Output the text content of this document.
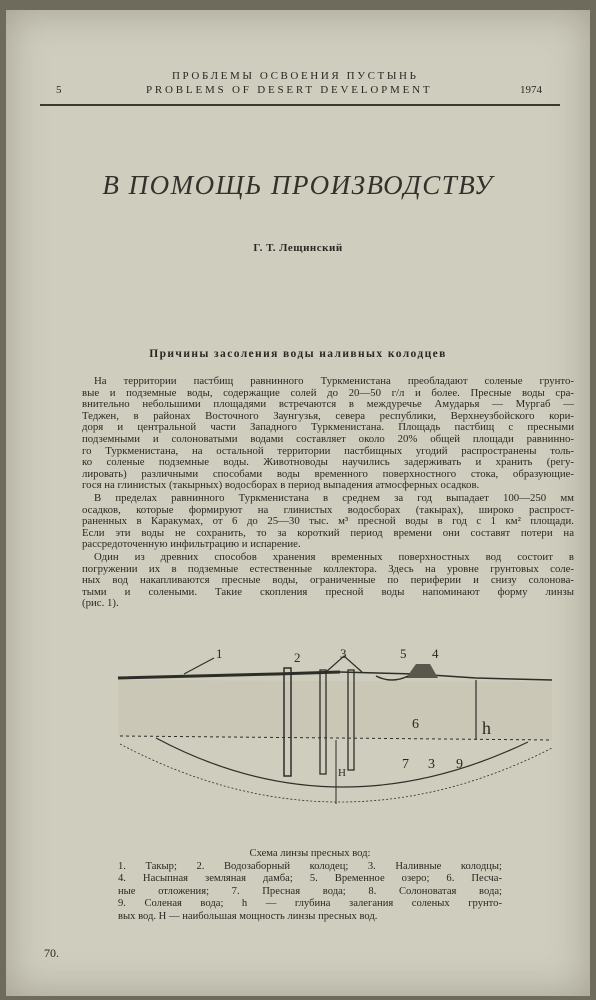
5
ПРОБЛЕМЫ ОСВОЕНИЯ ПУСТЫНЬ
PROBLEMS OF DESERT DEVELOPMENT	1974
В ПОМОЩЬ ПРОИЗВОДСТВУ
Г. Т. Лещинский
Причины засоления воды наливных колодцев
На территории пастбищ равнинного Туркменистана преобладают соленые грунто-
вые и подземные воды, содержащие солей до 20—50 г/л и более. Пресные воды сра-
внительно небольшими площадями встречаются в междуречье Амударья — Мургаб —
Теджен, в районах Восточного Заунгузья, севера республики, Верхнеузбойского кори-
доря и центральной части Западного Туркменистана. Площадь пастбищ с пресными
подземными и солоноватыми водами составляет около 20% общей площади равнинно-
го Туркменистана, на остальной территории пастбищных угодий распространены толь-
ко соленые подземные воды. Животноводы научились задерживать и хранить (регу-
лировать) различными способами воды временного поверхностного стока, образующие-
гося на глинистых (такырных) водосборах в период выпадения атмосферных осадков.
В пределах равнинного Туркменистана в среднем за год выпадает 100—250 мм
осадков, которые формируют на глинистых водосборах (такырах), широко распрост-
раненных в Каракумах, от 6 до 25—30 тыс. м³ пресной воды в год с 1 км² площади.
Если эти воды не сохранить, то за короткий период времени они составят потери на
рассредоточенную инфильтрацию и испарение.
Один из древних способов хранения временных поверхностных вод состоит в
погружении их в подземные естественные коллектора. Здесь на уровне грунтовых соле-
ных вод накапливаются пресные воды, ограниченные по периферии и снизу солонова-
тыми и солеными. Такие скопления пресной воды напоминают форму линзы
(рис. 1).
1	2	3	5 4
6	h
7 3 9
H
Схема линзы пресных вод:
1. Такыр; 2. Водозаборный колодец; 3. Наливные колодцы;
4. Насыпная земляная дамба; 5. Временное озеро; 6. Песча-
ные отложения; 7. Пресная вода; 8. Солоноватая вода;
9. Соленая вода; h — глубина залегания соленых грунто-
вых вод. H — наибольшая мощность линзы пресных вод.
70.
